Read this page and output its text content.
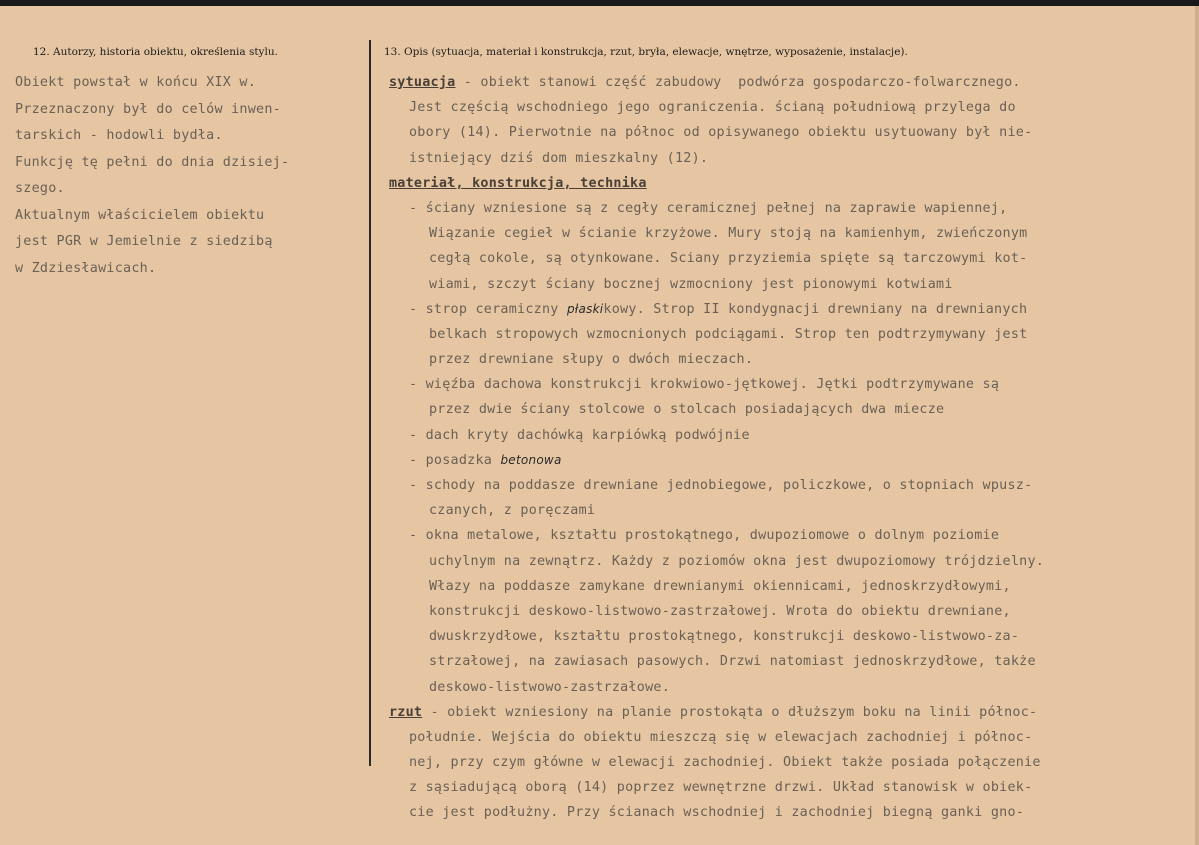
12. Autorzy, historia obiektu, określenia stylu.
Obiekt powstał w końcu XIX w.
Przeznaczony był do celów inwen-
tarskich - hodowli bydła.
Funkcję tę pełni do dnia dzisiej-
szego.
Aktualnym właścicielem obiektu
jest PGR w Jemielnie z siedzibą
w Zdziesławicach.
13. Opis (sytuacja, materiał i konstrukcja, rzut, bryła, elewacje, wnętrze, wyposażenie, instalacje).
sytuacja - obiekt stanowi część zabudowy  podwórza gospodarczo-folwarcznego.
Jest częścią wschodniego jego ograniczenia. ścianą południową przylega do
obory (14). Pierwotnie na północ od opisywanego obiektu usytuowany był nie-
istniejący dziś dom mieszkalny (12).
materiał, konstrukcja, technika
- ściany wzniesione są z cegły ceramicznej pełnej na zaprawie wapiennej,
Wiązanie cegieł w ścianie krzyżowe. Mury stoją na kamienhym, zwieńczonym
cegłą cokole, są otynkowane. Sciany przyziemia spięte są tarczowymi kot-
wiami, szczyt ściany bocznej wzmocniony jest pionowymi kotwiami
- strop ceramiczny płaskikowy. Strop II kondygnacji drewniany na drewnianych
belkach stropowych wzmocnionych podciągami. Strop ten podtrzymywany jest
przez drewniane słupy o dwóch mieczach.
- więźba dachowa konstrukcji krokwiowo-jętkowej. Jętki podtrzymywane są
przez dwie ściany stolcowe o stolcach posiadających dwa miecze
- dach kryty dachówką karpiówką podwójnie
- posadzka betonowa
- schody na poddasze drewniane jednobiegowe, policzkowe, o stopniach wpusz-
czanych, z poręczami
- okna metalowe, kształtu prostokątnego, dwupoziomowe o dolnym poziomie
uchylnym na zewnątrz. Każdy z poziomów okna jest dwupoziomowy trójdzielny.
Włazy na poddasze zamykane drewnianymi okiennicami, jednoskrzydłowymi,
konstrukcji deskowo-listwowo-zastrzałowej. Wrota do obiektu drewniane,
dwuskrzydłowe, kształtu prostokątnego, konstrukcji deskowo-listwowo-za-
strzałowej, na zawiasach pasowych. Drzwi natomiast jednoskrzydłowe, także
deskowo-listwowo-zastrzałowe.
rzut - obiekt wzniesiony na planie prostokąta o dłuższym boku na linii północ-
południe. Wejścia do obiektu mieszczą się w elewacjach zachodniej i północ-
nej, przy czym główne w elewacji zachodniej. Obiekt także posiada połączenie
z sąsiadującą oborą (14) poprzez wewnętrzne drzwi. Układ stanowisk w obiek-
cie jest podłużny. Przy ścianach wschodniej i zachodniej biegną ganki gno-
